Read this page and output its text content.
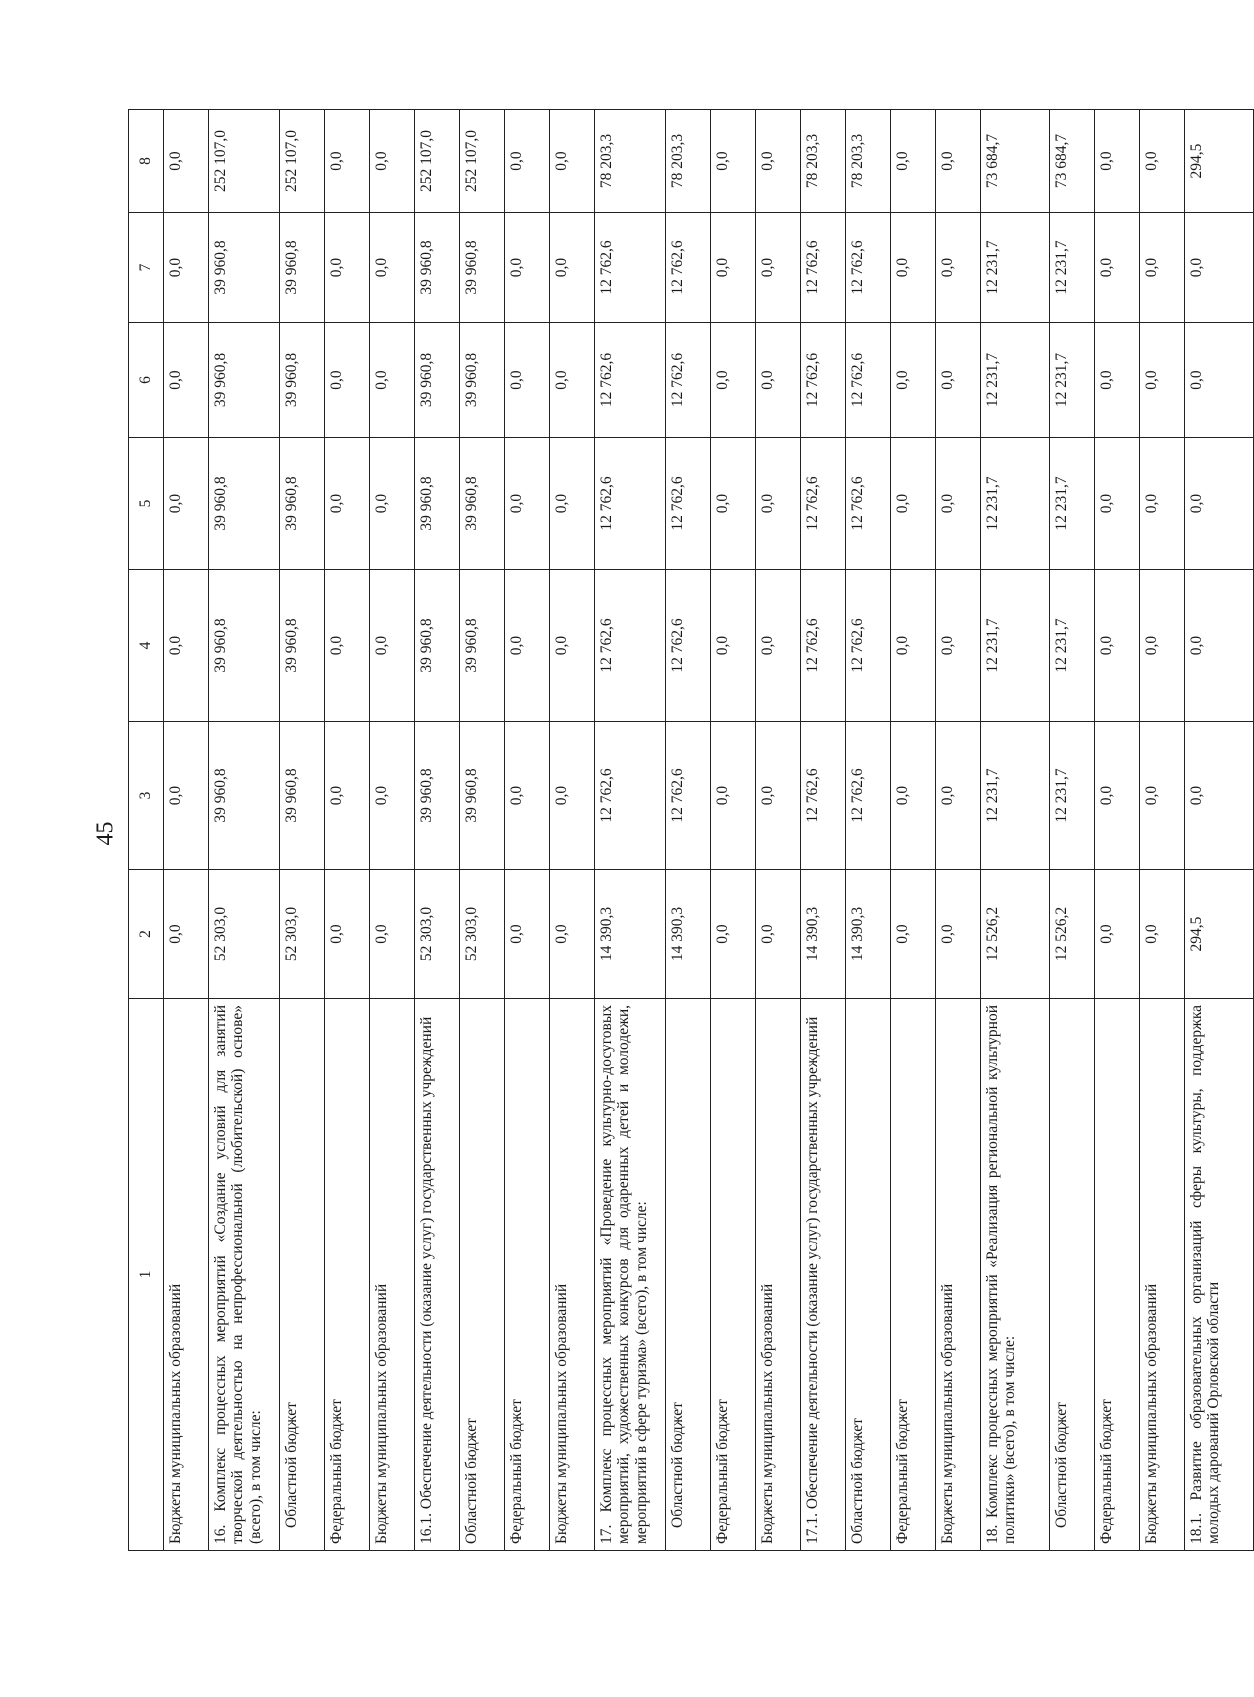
45
1	2	3	4	5	6	7	8
Бюджеты муниципальных образований	0,0	0,0	0,0	0,0	0,0	0,0	0,0
16. Комплекс процессных мероприятий «Создание условий для занятий творческой деятельностью на непрофессиональной (любительской) основе» (всего), в том числе:	52 303,0	39 960,8	39 960,8	39 960,8	39 960,8	39 960,8	252 107,0
Областной бюджет	52 303,0	39 960,8	39 960,8	39 960,8	39 960,8	39 960,8	252 107,0
Федеральный бюджет	0,0	0,0	0,0	0,0	0,0	0,0	0,0
Бюджеты муниципальных образований	0,0	0,0	0,0	0,0	0,0	0,0	0,0
16.1. Обеспечение деятельности (оказание услуг) государственных учреждений	52 303,0	39 960,8	39 960,8	39 960,8	39 960,8	39 960,8	252 107,0
Областной бюджет	52 303,0	39 960,8	39 960,8	39 960,8	39 960,8	39 960,8	252 107,0
Федеральный бюджет	0,0	0,0	0,0	0,0	0,0	0,0	0,0
Бюджеты муниципальных образований	0,0	0,0	0,0	0,0	0,0	0,0	0,0
17. Комплекс процессных мероприятий «Проведение культурно-досуговых мероприятий, художественных конкурсов для одаренных детей и молодежи, мероприятий в сфере туризма» (всего), в том числе:	14 390,3	12 762,6	12 762,6	12 762,6	12 762,6	12 762,6	78 203,3
Областной бюджет	14 390,3	12 762,6	12 762,6	12 762,6	12 762,6	12 762,6	78 203,3
Федеральный бюджет	0,0	0,0	0,0	0,0	0,0	0,0	0,0
Бюджеты муниципальных образований	0,0	0,0	0,0	0,0	0,0	0,0	0,0
17.1. Обеспечение деятельности (оказание услуг) государственных учреждений	14 390,3	12 762,6	12 762,6	12 762,6	12 762,6	12 762,6	78 203,3
Областной бюджет	14 390,3	12 762,6	12 762,6	12 762,6	12 762,6	12 762,6	78 203,3
Федеральный бюджет	0,0	0,0	0,0	0,0	0,0	0,0	0,0
Бюджеты муниципальных образований	0,0	0,0	0,0	0,0	0,0	0,0	0,0
18. Комплекс процессных мероприятий «Реализация региональной культурной политики» (всего), в том числе:	12 526,2	12 231,7	12 231,7	12 231,7	12 231,7	12 231,7	73 684,7
Областной бюджет	12 526,2	12 231,7	12 231,7	12 231,7	12 231,7	12 231,7	73 684,7
Федеральный бюджет	0,0	0,0	0,0	0,0	0,0	0,0	0,0
Бюджеты муниципальных образований	0,0	0,0	0,0	0,0	0,0	0,0	0,0
18.1. Развитие образовательных организаций сферы культуры, поддержка молодых дарований Орловской области	294,5	0,0	0,0	0,0	0,0	0,0	294,5
